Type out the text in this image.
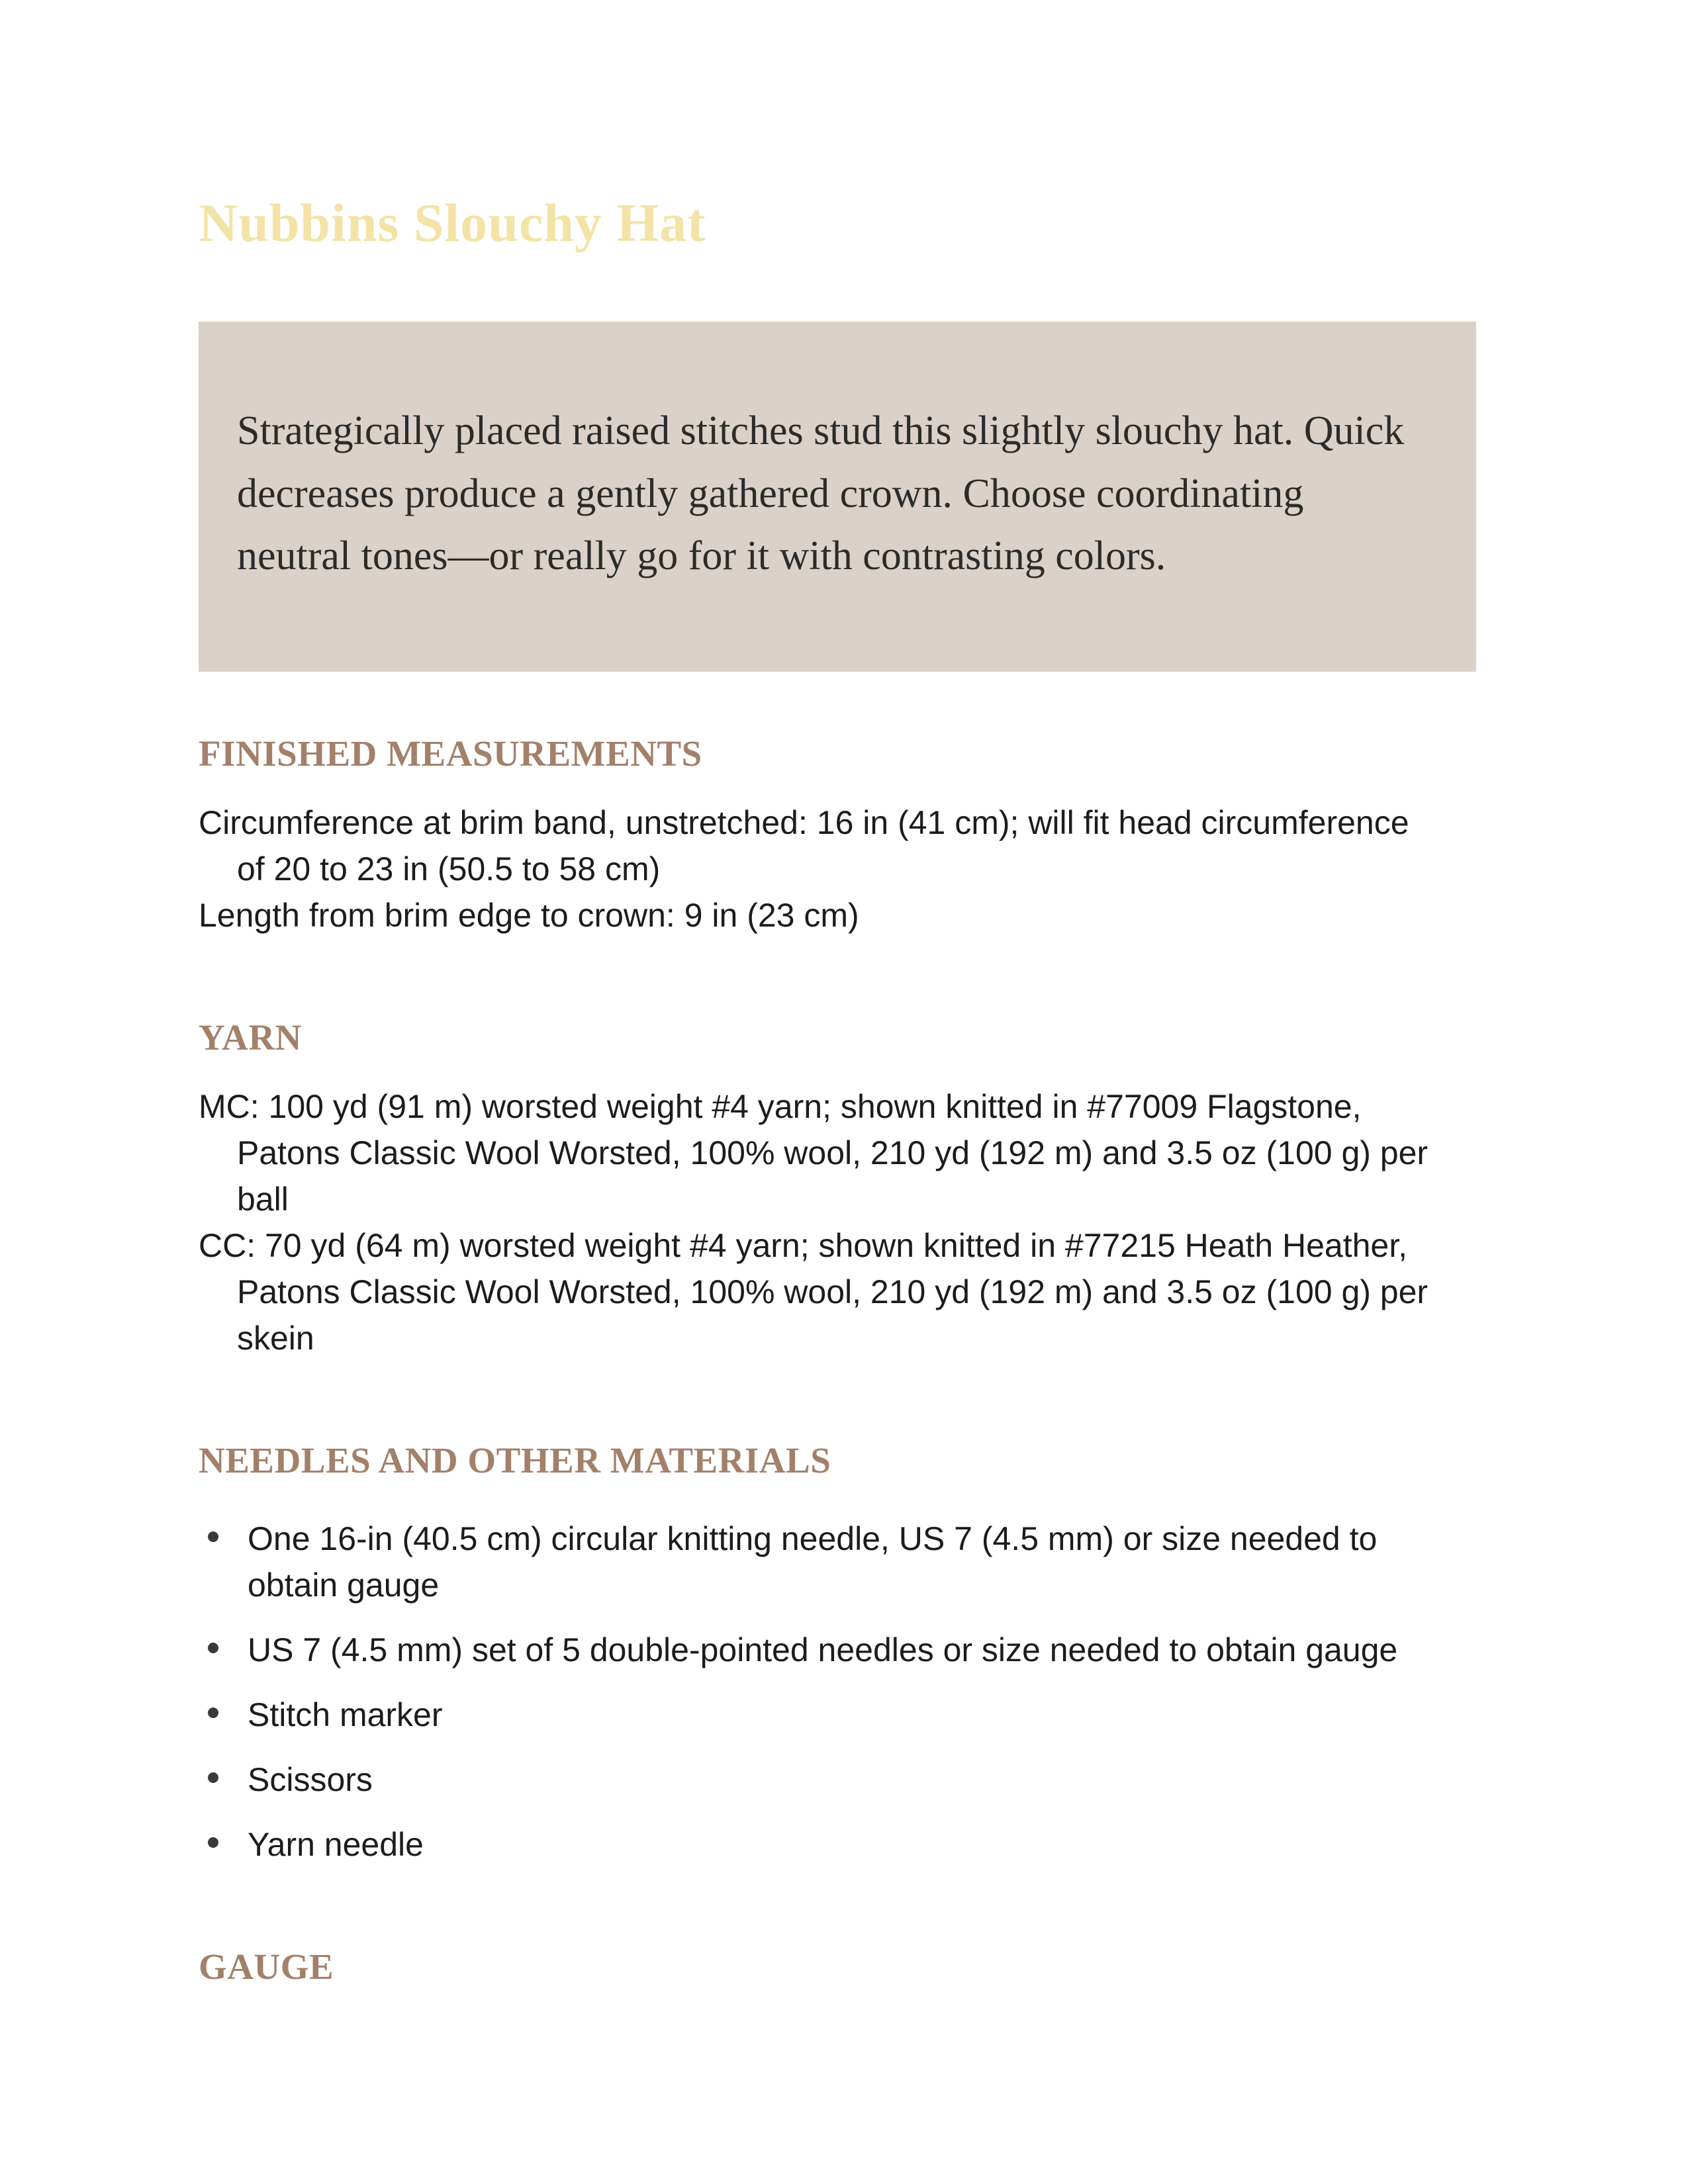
Nubbins Slouchy Hat

Strategically placed raised stitches stud this slightly slouchy hat. Quick decreases produce a gently gathered crown. Choose coordinating neutral tones—or really go for it with contrasting colors.

FINISHED MEASUREMENTS

Circumference at brim band, unstretched: 16 in (41 cm); will fit head circumference of 20 to 23 in (50.5 to 58 cm)

Length from brim edge to crown: 9 in (23 cm)

YARN

MC: 100 yd (91 m) worsted weight #4 yarn; shown knitted in #77009 Flagstone, Patons Classic Wool Worsted, 100% wool, 210 yd (192 m) and 3.5 oz (100 g) per ball

CC: 70 yd (64 m) worsted weight #4 yarn; shown knitted in #77215 Heath Heather, Patons Classic Wool Worsted, 100% wool, 210 yd (192 m) and 3.5 oz (100 g) per skein

NEEDLES AND OTHER MATERIALS
One 16-in (40.5 cm) circular knitting needle, US 7 (4.5 mm) or size needed to obtain gauge
US 7 (4.5 mm) set of 5 double-pointed needles or size needed to obtain gauge
Stitch marker
Scissors
Yarn needle
GAUGE
